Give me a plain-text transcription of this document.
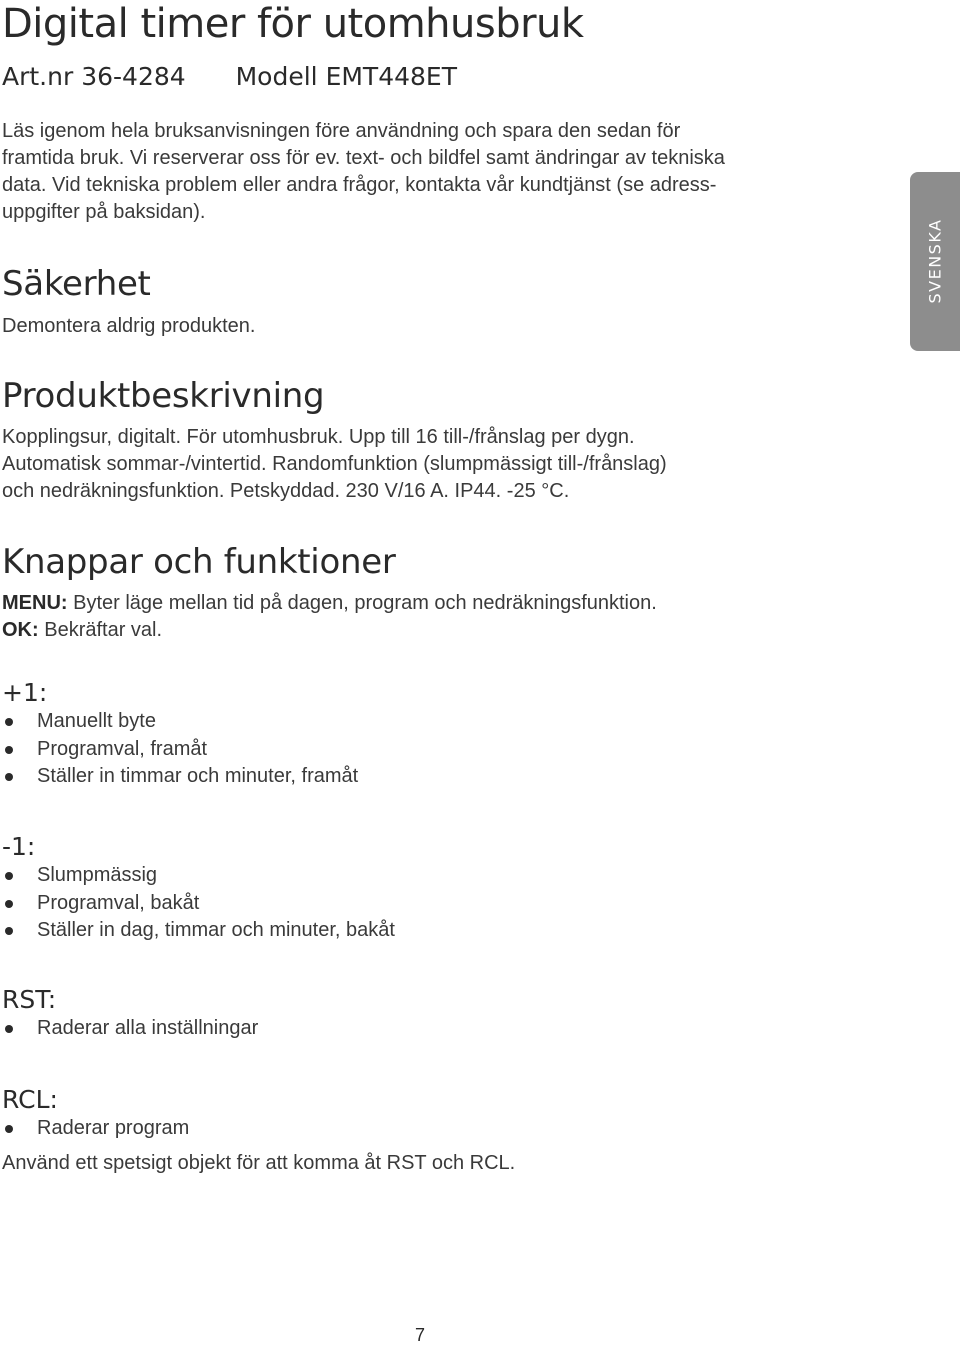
Digital timer för utomhusbruk
Art.nr 36-4284 Modell EMT448ET
Läs igenom hela bruksanvisningen före användning och spara den sedan för
framtida bruk. Vi reserverar oss för ev. text- och bildfel samt ändringar av tekniska
data. Vid tekniska problem eller andra frågor, kontakta vår kundtjänst (se adress-
uppgifter på baksidan).
Säkerhet

Demontera aldrig produkten.

Produktbeskrivning
Kopplingsur, digitalt. För utomhusbruk. Upp till 16 till-/frånslag per dygn.
Automatisk sommar-/vintertid. Randomfunktion (slumpmässigt till-/frånslag)
och nedräkningsfunktion. Petskyddad. 230 V/16 A. IP44. -25 °C.
Knappar och funktioner
MENU: Byter läge mellan tid på dagen, program och nedräkningsfunktion.
OK: Bekräftar val.
+1:
Manuellt byte
Programval, framåt
Ställer in timmar och minuter, framåt
-1:
Slumpmässig
Programval, bakåt
Ställer in dag, timmar och minuter, bakåt
RST:
Raderar alla inställningar
RCL:
Raderar program

Använd ett spetsigt objekt för att komma åt RST och RCL.

SVENSKA
7
